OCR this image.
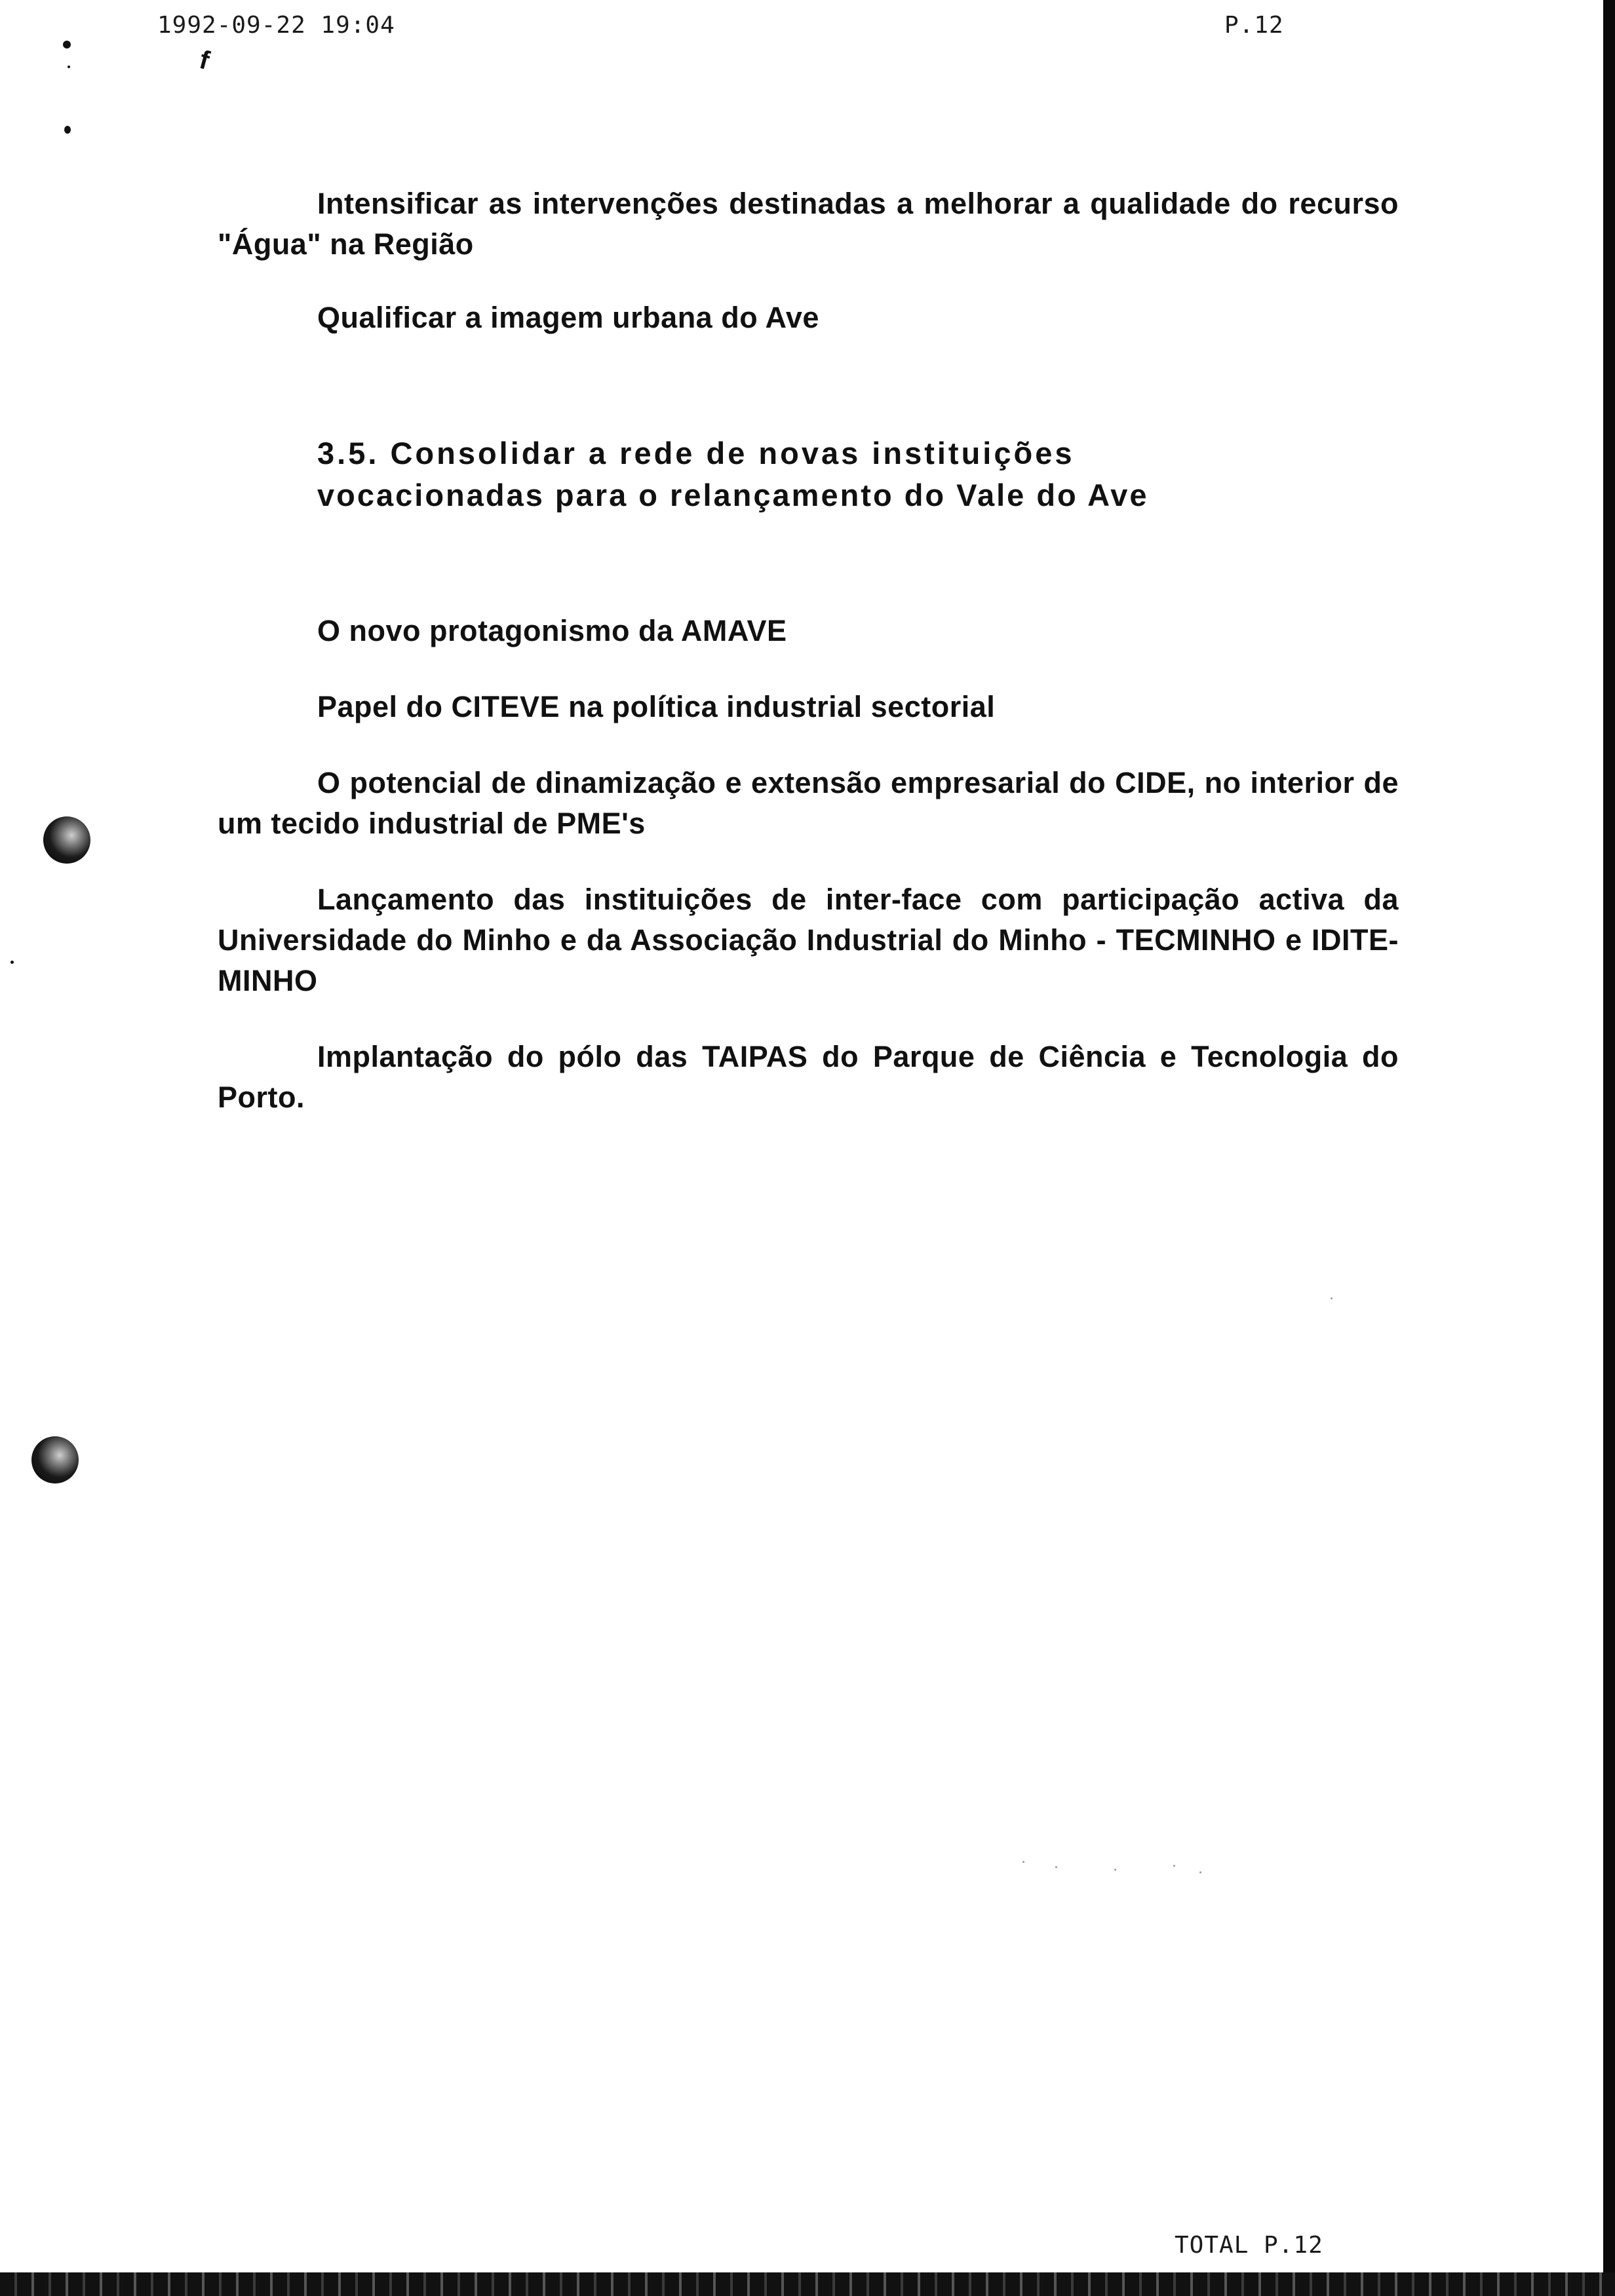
1992-09-22 19:04	P.12
f

Intensificar as intervenções destinadas a melhorar a qualidade do recurso "Água" na Região

Qualificar a imagem urbana do Ave

3.5. Consolidar a rede de novas instituições
vocacionadas para o relançamento do Vale do Ave

O novo protagonismo da AMAVE

Papel do CITEVE na política industrial sectorial

O potencial de dinamização e extensão empresarial do CIDE, no interior de um tecido industrial de PME's

Lançamento das instituições de inter-face com participação activa da Universidade do Minho e da Associação Industrial do Minho - TECMINHO e IDITE-MINHO

Implantação do pólo das TAIPAS do Parque de Ciência e Tecnologia do Porto.

TOTAL P.12
